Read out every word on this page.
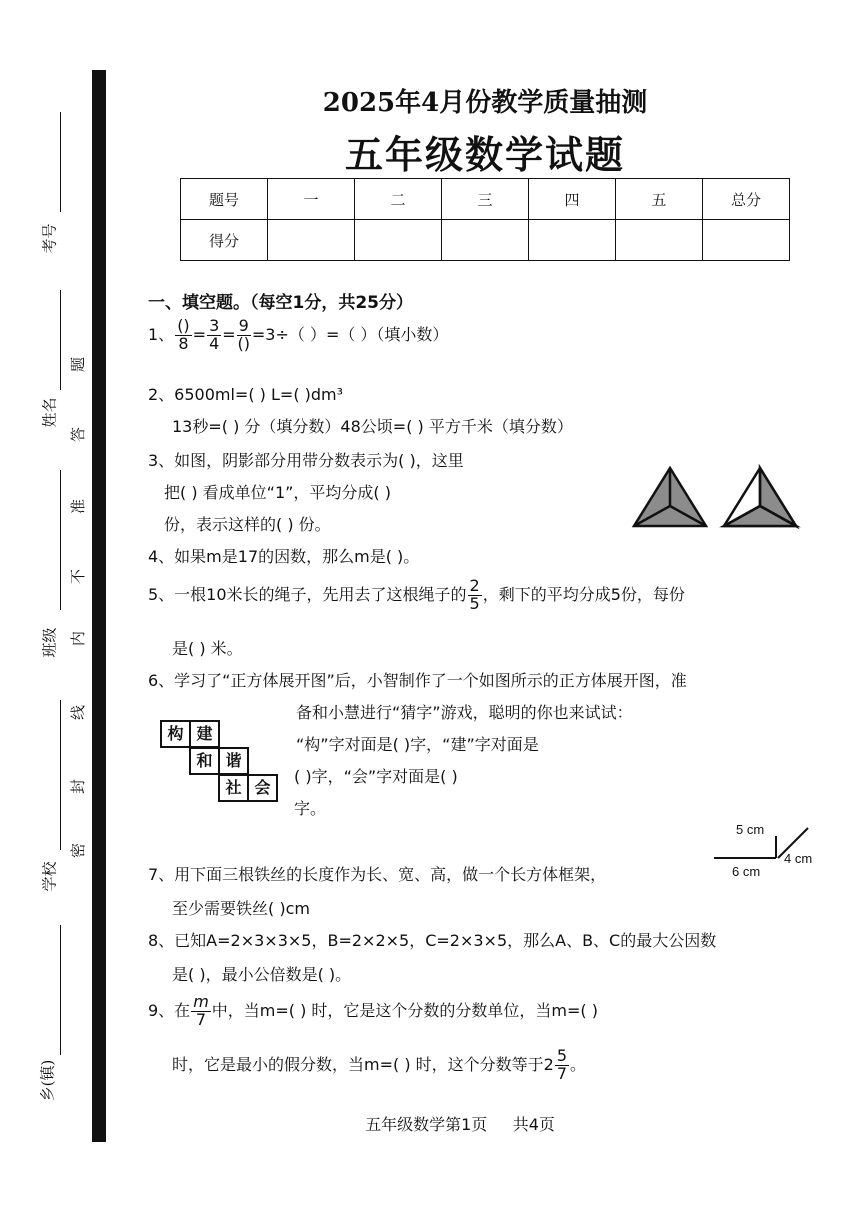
考号
姓名
班级
学校
乡(镇)
密
封
线
内
不
准
答
题
2025年4月份教学质量抽测
五年级数学试题
题号	一	二	三	四	五	总分
得分						
一、填空题。（每空1分，共25分）
1、 $\frac{()}{8} = \frac{3}{4} = \frac{9}{()} =3\div$（ ）=（ ）（填小数）
2、6500ml=( ) L=( )dm³
13秒=( ) 分（填分数）48公顷=( ) 平方千米（填分数）
3、如图，阴影部分用带分数表示为( )，这里
把( ) 看成单位“1”，平均分成( )
份，表示这样的( ) 份。
4、如果m是17的因数，那么m是( )。
5、一根10米长的绳子，先用去了这根绳子的 $\frac{2}{5}$ ，剩下的平均分成5份，每份
是( ) 米。
6、学习了“正方体展开图”后，小智制作了一个如图所示的正方体展开图，准
备和小慧进行“猜字”游戏，聪明的你也来试试：
“构”字对面是( )字，“建”字对面是
( )字，“会”字对面是( )
字。
构 建
和 谐
社 会
7、用下面三根铁丝的长度作为长、宽、高，做一个长方体框架，
至少需要铁丝( )cm
5 cm
4 cm
6 cm
8、已知A=2×3×3×5，B=2×2×5，C=2×3×5，那么A、B、C的最大公因数
是( )，最小公倍数是( )。
9、在 $\frac{m}{7}$ 中，当m=( ) 时，它是这个分数的分数单位，当m=( )
时，它是最小的假分数，当m=( ) 时，这个分数等于$2 \frac{5}{7}$ 。
五年级数学第1页     共4页
